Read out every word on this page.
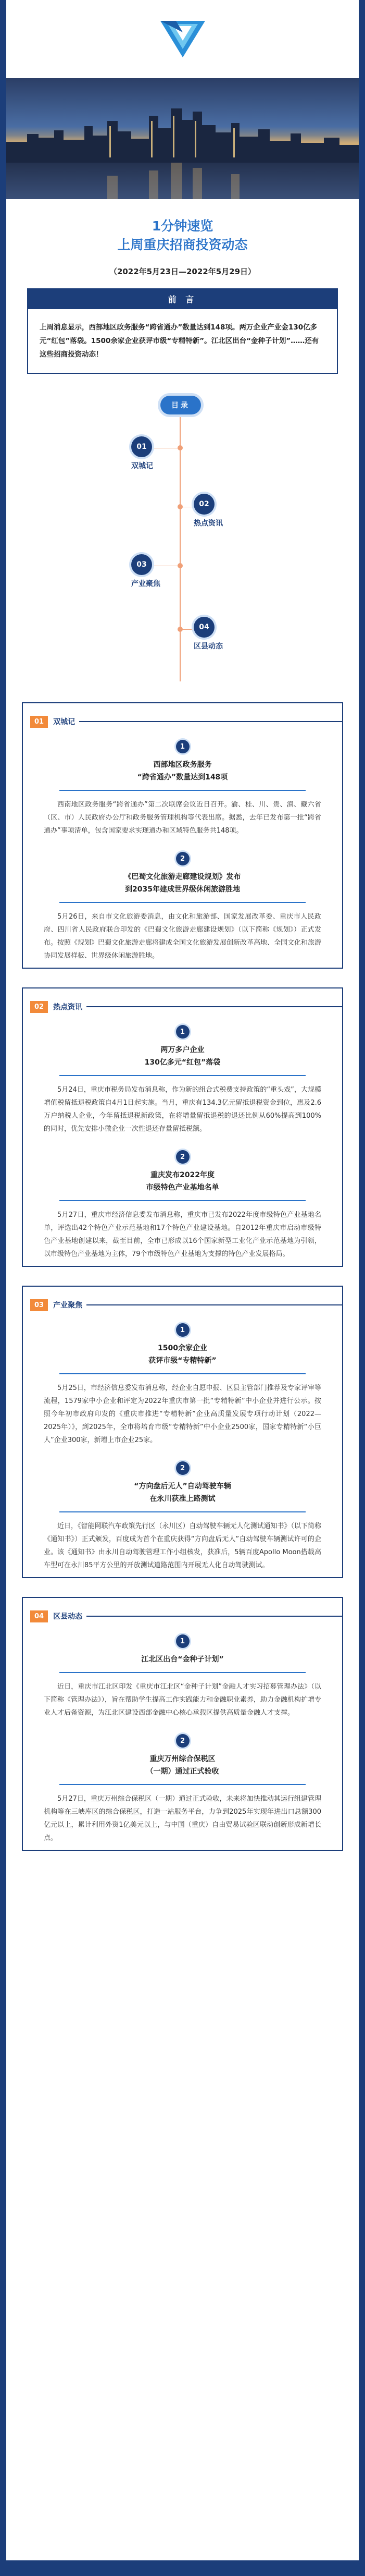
1分钟速览
上周重庆招商投资动态
（2022年5月23日—2022年5月29日）
前 言

上周消息显示，西部地区政务服务“跨省通办”数量达到148项。两万企业产业金130亿多元“红包”落袋。1500余家企业获评市级“专精特新”。江北区出台“金种子计划”……还有这些招商投资动态！

目录
01
双城记
02
热点资讯
03
产业聚焦
04
区县动态
01	双城记
1
西部地区政务服务
“跨省通办”数量达到148项

西南地区政务服务“跨省通办”第二次联席会议近日召开。渝、桂、川、贵、滇、藏六省（区、市）人民政府办公厅和政务服务管理机构等代表出席。据悉，去年已发布第一批“跨省通办”事项清单，包含国家要求实现通办和区域特色服务共148项。

2
《巴蜀文化旅游走廊建设规划》发布
到2035年建成世界级休闲旅游胜地

5月26日，来自市文化旅游委消息，由文化和旅游部、国家发展改革委、重庆市人民政府、四川省人民政府联合印发的《巴蜀文化旅游走廊建设规划》（以下简称《规划》）正式发布。按照《规划》巴蜀文化旅游走廊将建成全国文化旅游发展创新改革高地、全国文化和旅游协同发展样板、世界级休闲旅游胜地。

02	热点资讯
1
两万多户企业
130亿多元“红包”落袋

5月24日，重庆市税务局发布消息称，作为新的组合式税费支持政策的“重头戏”，大规模增值税留抵退税政策自4月1日起实施。当月，重庆有134.3亿元留抵退税资金到位，惠及2.6万户纳税人企业，今年留抵退税新政策，在将增量留抵退税的退还比例从60%提高到100%的同时，优先安排小微企业一次性退还存量留抵税额。

2
重庆发布2022年度
市级特色产业基地名单

5月27日，重庆市经济信息委发布消息称，重庆市已发布2022年度市级特色产业基地名单，评选出42个特色产业示范基地和17个特色产业建设基地。自2012年重庆市启动市级特色产业基地创建以来，截至目前，全市已形成以16个国家新型工业化产业示范基地为引领，以市级特色产业基地为主体，79个市级特色产业基地为支撑的特色产业发展格局。

03	产业聚焦
1
1500余家企业
获评市级“专精特新”

5月25日，市经济信息委发布消息称，经企业自愿申报、区县主管部门推荐及专家评审等流程，1579家中小企业和评定为2022年重庆市第一批“专精特新”中小企业并进行公示。按照今年初市政府印发的《重庆市推进“专精特新”企业高质量发展专项行动计划（2022—2025年）》，到2025年，全市将培育市级“专精特新”中小企业2500家，国家专精特新“小巨人”企业300家，新增上市企业25家。

2
“方向盘后无人”自动驾驶车辆
在永川获准上路测试

近日，《智能网联汽车政策先行区（永川区）自动驾驶车辆无人化测试通知书》（以下简称《通知书》）正式颁发，百度成为首个在重庆获得“方向盘后无人”自动驾驶车辆测试许可的企业。该《通知书》由永川自动驾驶管理工作小组核发，获准后，5辆百度Apollo Moon搭载高车型可在永川85平方公里的开放测试道路范围内开展无人化自动驾驶测试。

04	区县动态
1
江北区出台“金种子计划”

近日，重庆市江北区印发《重庆市江北区“金种子计划”金融人才实习招募管理办法》（以下简称《管理办法》），旨在帮助学生提高工作实践能力和金融职业素养，助力金融机构扩增专业人才后备资源，为江北区建设西部金融中心核心承载区提供高质量金融人才支撑。

2
重庆万州综合保税区
（一期）通过正式验收

5月27日，重庆万州综合保税区（一期）通过正式验收，未来将加快推动其运行组建管理机构等在三峡库区的综合保税区，打造一站服务平台，力争到2025年实现年进出口总额300亿元以上，累计利用外资1亿美元以上，与中国（重庆）自由贸易试验区联动创新形成新增长点。
